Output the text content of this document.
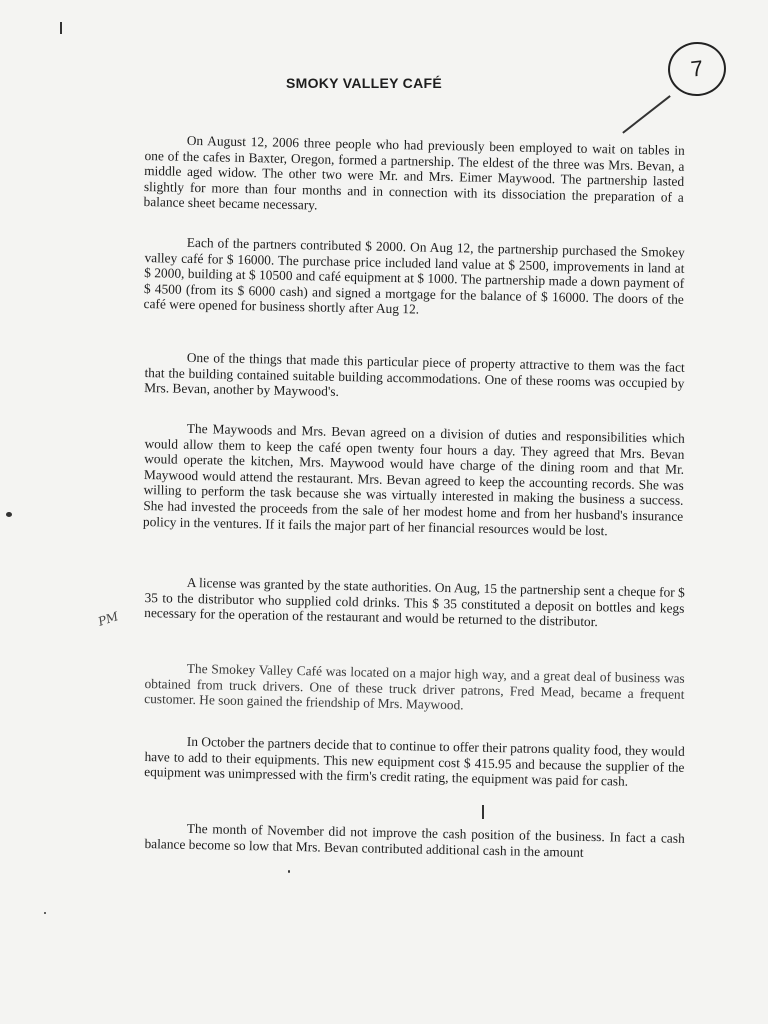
7
SMOKY VALLEY CAFÉ

On August 12, 2006 three people who had previously been employed to wait on tables in one of the cafes in Baxter, Oregon, formed a partnership. The eldest of the three was Mrs. Bevan, a middle aged widow. The other two were Mr. and Mrs. Eimer Maywood. The partnership lasted slightly for more than four months and in connection with its dissociation the preparation of a balance sheet became necessary.

Each of the partners contributed $ 2000. On Aug 12, the partnership purchased the Smokey valley café for $ 16000. The purchase price included land value at $ 2500, improvements in land at $ 2000, building at $ 10500 and café equipment at $ 1000. The partnership made a down payment of $ 4500 (from its $ 6000 cash) and signed a mortgage for the balance of $ 16000. The doors of the café were opened for business shortly after Aug 12.

One of the things that made this particular piece of property attractive to them was the fact that the building contained suitable building accommodations. One of these rooms was occupied by Mrs. Bevan, another by Maywood's.

The Maywoods and Mrs. Bevan agreed on a division of duties and responsibilities which would allow them to keep the café open twenty four hours a day. They agreed that Mrs. Bevan would operate the kitchen, Mrs. Maywood would have charge of the dining room and that Mr. Maywood would attend the restaurant. Mrs. Bevan agreed to keep the accounting records. She was willing to perform the task because she was virtually interested in making the business a success. She had invested the proceeds from the sale of her modest home and from her husband's insurance policy in the ventures. If it fails the major part of her financial resources would be lost.

A license was granted by the state authorities. On Aug, 15 the partnership sent a cheque for $ 35 to the distributor who supplied cold drinks. This $ 35 constituted a deposit on bottles and kegs necessary for the operation of the restaurant and would be returned to the distributor.

The Smokey Valley Café was located on a major high way, and a great deal of business was obtained from truck drivers. One of these truck driver patrons, Fred Mead, became a frequent customer. He soon gained the friendship of Mrs. Maywood.

In October the partners decide that to continue to offer their patrons quality food, they would have to add to their equipments. This new equipment cost $ 415.95 and because the supplier of the equipment was unimpressed with the firm's credit rating, the equipment was paid for cash.

The month of November did not improve the cash position of the business. In fact a cash balance become so low that Mrs. Bevan contributed additional cash in the amount

PM
